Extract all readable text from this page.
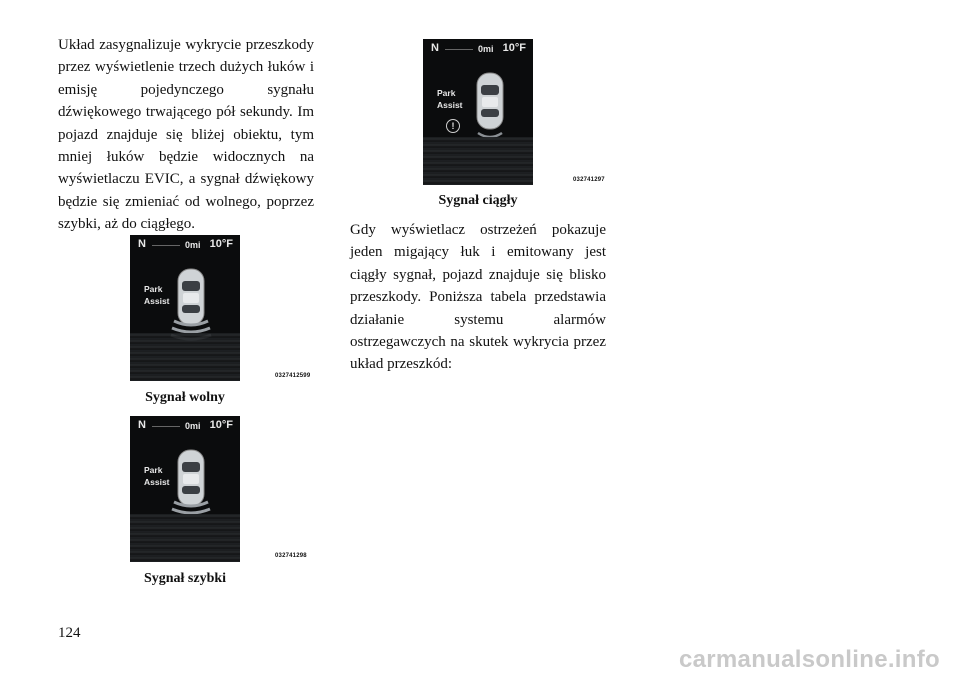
Układ zasygnalizuje wykrycie przeszkody przez wyświetlenie trzech dużych łuków i emisję pojedynczego sygnału dźwiękowego trwającego pół sekundy. Im pojazd znajduje się bliżej obiektu, tym mniej łuków będzie widocznych na wyświetlaczu EVIC, a sygnał dźwiękowy będzie się zmieniać od wolnego, poprzez szybki, aż do ciągłego.

N	0mi 10°F
Park
Assist
!
032741297
Sygnał ciągły

Gdy wyświetlacz ostrzeżeń pokazuje jeden migający łuk i emitowany jest ciągły sygnał, pojazd znajduje się blisko przeszkody. Poniższa tabela przedstawia działanie systemu alarmów ostrzegawczych na skutek wykrycia przez układ przeszkód:

N	0mi 10°F
Park
Assist
0327412599
Sygnał wolny
N	0mi 10°F
Park
Assist
032741298
Sygnał szybki
124
carmanualsonline.info
